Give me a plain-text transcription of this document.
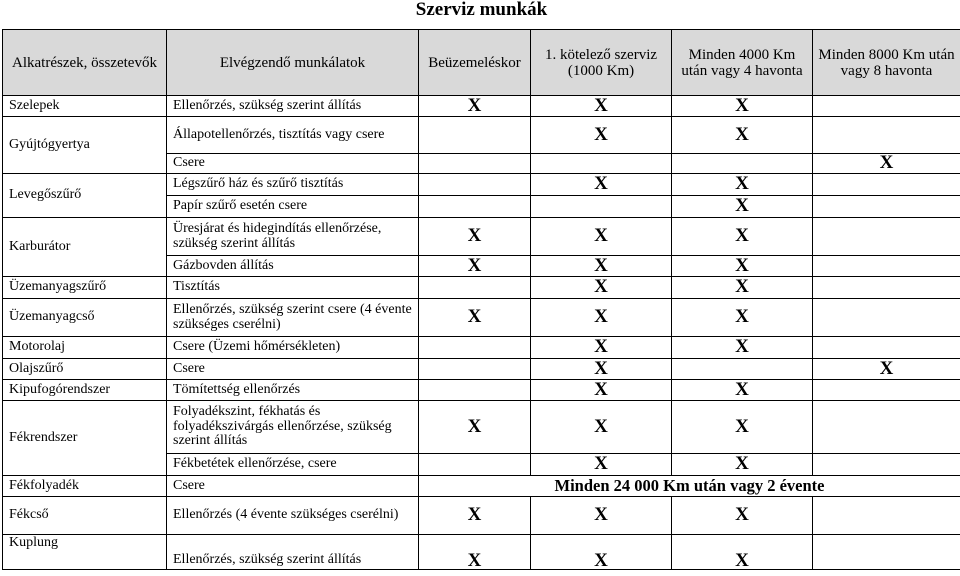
Szerviz munkák
Alkatrészek, összetevők	Elvégzendő munkálatok	Beüzemeléskor	1. kötelező szerviz (1000 Km)	Minden 4000 Km után vagy 4 havonta	Minden 8000 Km után vagy 8 havonta
Szelepek	Ellenőrzés, szükség szerint állítás	X	X	X	
Gyújtógyertya	Állapotellenőrzés, tisztítás vagy csere		X	X	
	Csere				X
Levegőszűrő	Légszűrő ház és szűrő tisztítás		X	X	
	Papír szűrő esetén csere			X	
Karburátor	Üresjárat és hidegindítás ellenőrzése, szükség szerint állítás	X	X	X	
	Gázbovden állítás	X	X	X	
Üzemanyagszűrő	Tisztítás		X	X	
Üzemanyagcső	Ellenőrzés, szükség szerint csere (4 évente szükséges cserélni)	X	X	X	
Motorolaj	Csere (Üzemi hőmérsékleten)		X	X	
Olajszűrő	Csere		X		X
Kipufogórendszer	Tömítettség ellenőrzés		X	X	
Fékrendszer	Folyadékszint, fékhatás és folyadékszivárgás ellenőrzése, szükség szerint állítás	X	X	X	
	Fékbetétek ellenőrzése, csere		X	X	
Fékfolyadék	Csere	Minden 24 000 Km után vagy 2 évente			
Fékcső	Ellenőrzés (4 évente szükséges cserélni)	X	X	X	
Kuplung	Ellenőrzés, szükség szerint állítás	X	X	X	
